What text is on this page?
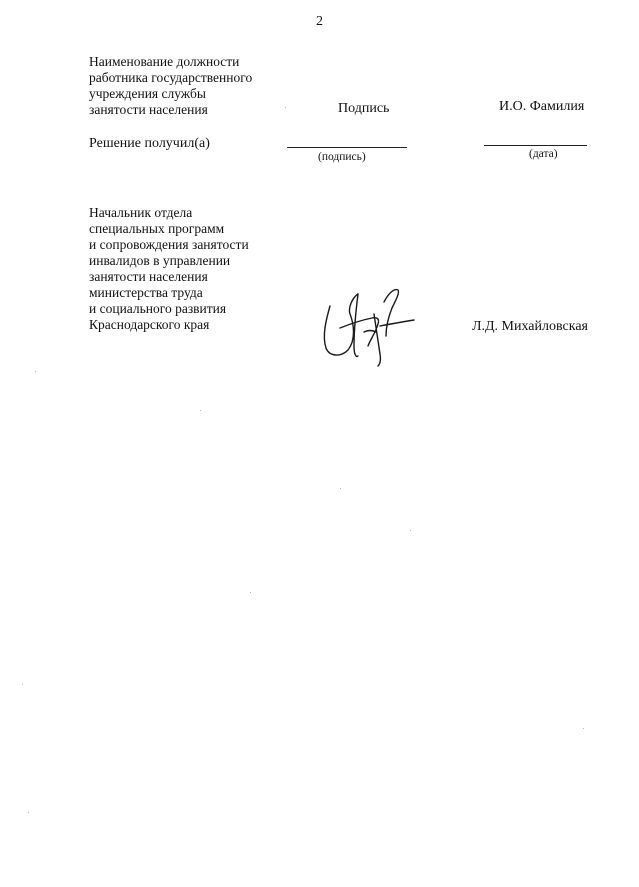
2
Наименование должности
работника государственного
учреждения службы
занятости населения	Подпись	И.О. Фамилия
Решение получил(а)
(подпись)	(дата)
Начальник отдела
специальных программ
и сопровождения занятости
инвалидов в управлении
занятости населения
министерства труда
и социального развития
Краснодарского края	Л.Д. Михайловская
